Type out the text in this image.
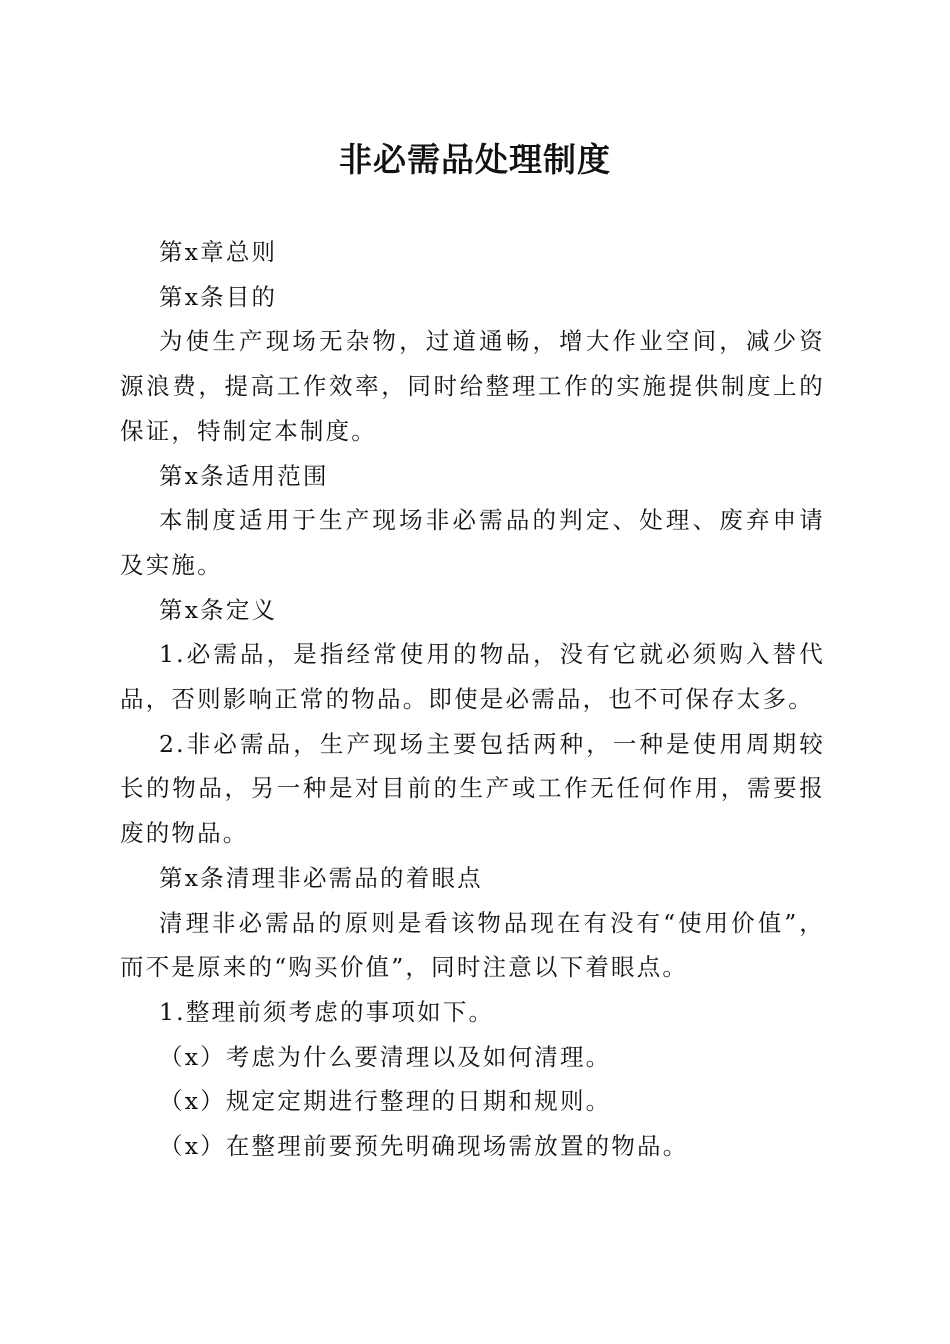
非必需品处理制度

第x章总则

第x条目的

为使生产现场无杂物，过道通畅，增大作业空间，减少资源浪费，提高工作效率，同时给整理工作的实施提供制度上的保证，特制定本制度。

第x条适用范围

本制度适用于生产现场非必需品的判定、处理、废弃申请及实施。

第x条定义

1.必需品，是指经常使用的物品，没有它就必须购入替代品，否则影响正常的物品。即使是必需品，也不可保存太多。

2.非必需品，生产现场主要包括两种，一种是使用周期较长的物品，另一种是对目前的生产或工作无任何作用，需要报废的物品。

第x条清理非必需品的着眼点

清理非必需品的原则是看该物品现在有没有“使用价值”，而不是原来的“购买价值”，同时注意以下着眼点。

1.整理前须考虑的事项如下。

（x）考虑为什么要清理以及如何清理。

（x）规定定期进行整理的日期和规则。

（x）在整理前要预先明确现场需放置的物品。
